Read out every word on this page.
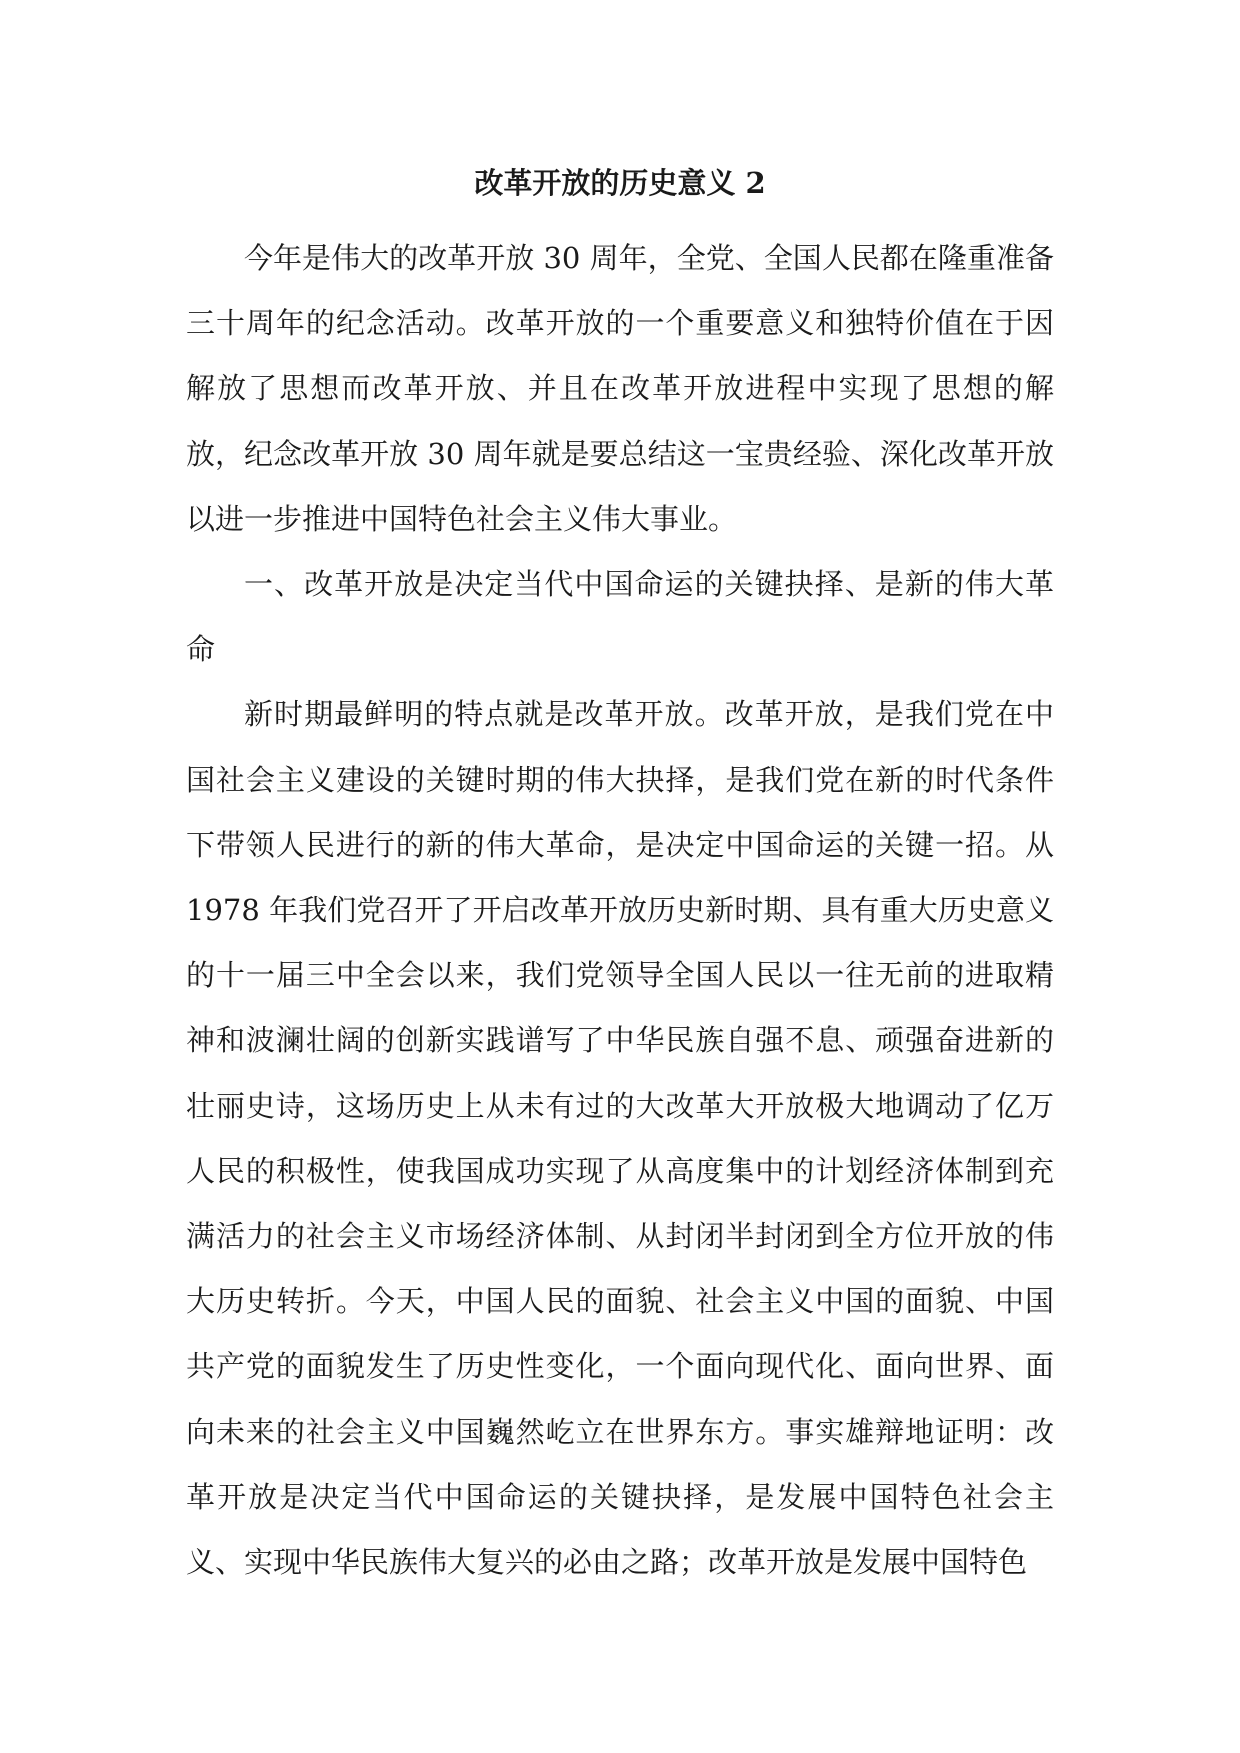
改革开放的历史意义 2

今年是伟大的改革开放 30 周年，全党、全国人民都在隆重准备三十周年的纪念活动。改革开放的一个重要意义和独特价值在于因解放了思想而改革开放、并且在改革开放进程中实现了思想的解放，纪念改革开放 30 周年就是要总结这一宝贵经验、深化改革开放以进一步推进中国特色社会主义伟大事业。

一、改革开放是决定当代中国命运的关键抉择、是新的伟大革命

新时期最鲜明的特点就是改革开放。改革开放，是我们党在中国社会主义建设的关键时期的伟大抉择，是我们党在新的时代条件下带领人民进行的新的伟大革命，是决定中国命运的关键一招。从 1978 年我们党召开了开启改革开放历史新时期、具有重大历史意义的十一届三中全会以来，我们党领导全国人民以一往无前的进取精神和波澜壮阔的创新实践谱写了中华民族自强不息、顽强奋进新的壮丽史诗，这场历史上从未有过的大改革大开放极大地调动了亿万人民的积极性，使我国成功实现了从高度集中的计划经济体制到充满活力的社会主义市场经济体制、从封闭半封闭到全方位开放的伟大历史转折。今天，中国人民的面貌、社会主义中国的面貌、中国共产党的面貌发生了历史性变化，一个面向现代化、面向世界、面向未来的社会主义中国巍然屹立在世界东方。事实雄辩地证明：改革开放是决定当代中国命运的关键抉择，是发展中国特色社会主义、实现中华民族伟大复兴的必由之路；改革开放是发展中国特色
